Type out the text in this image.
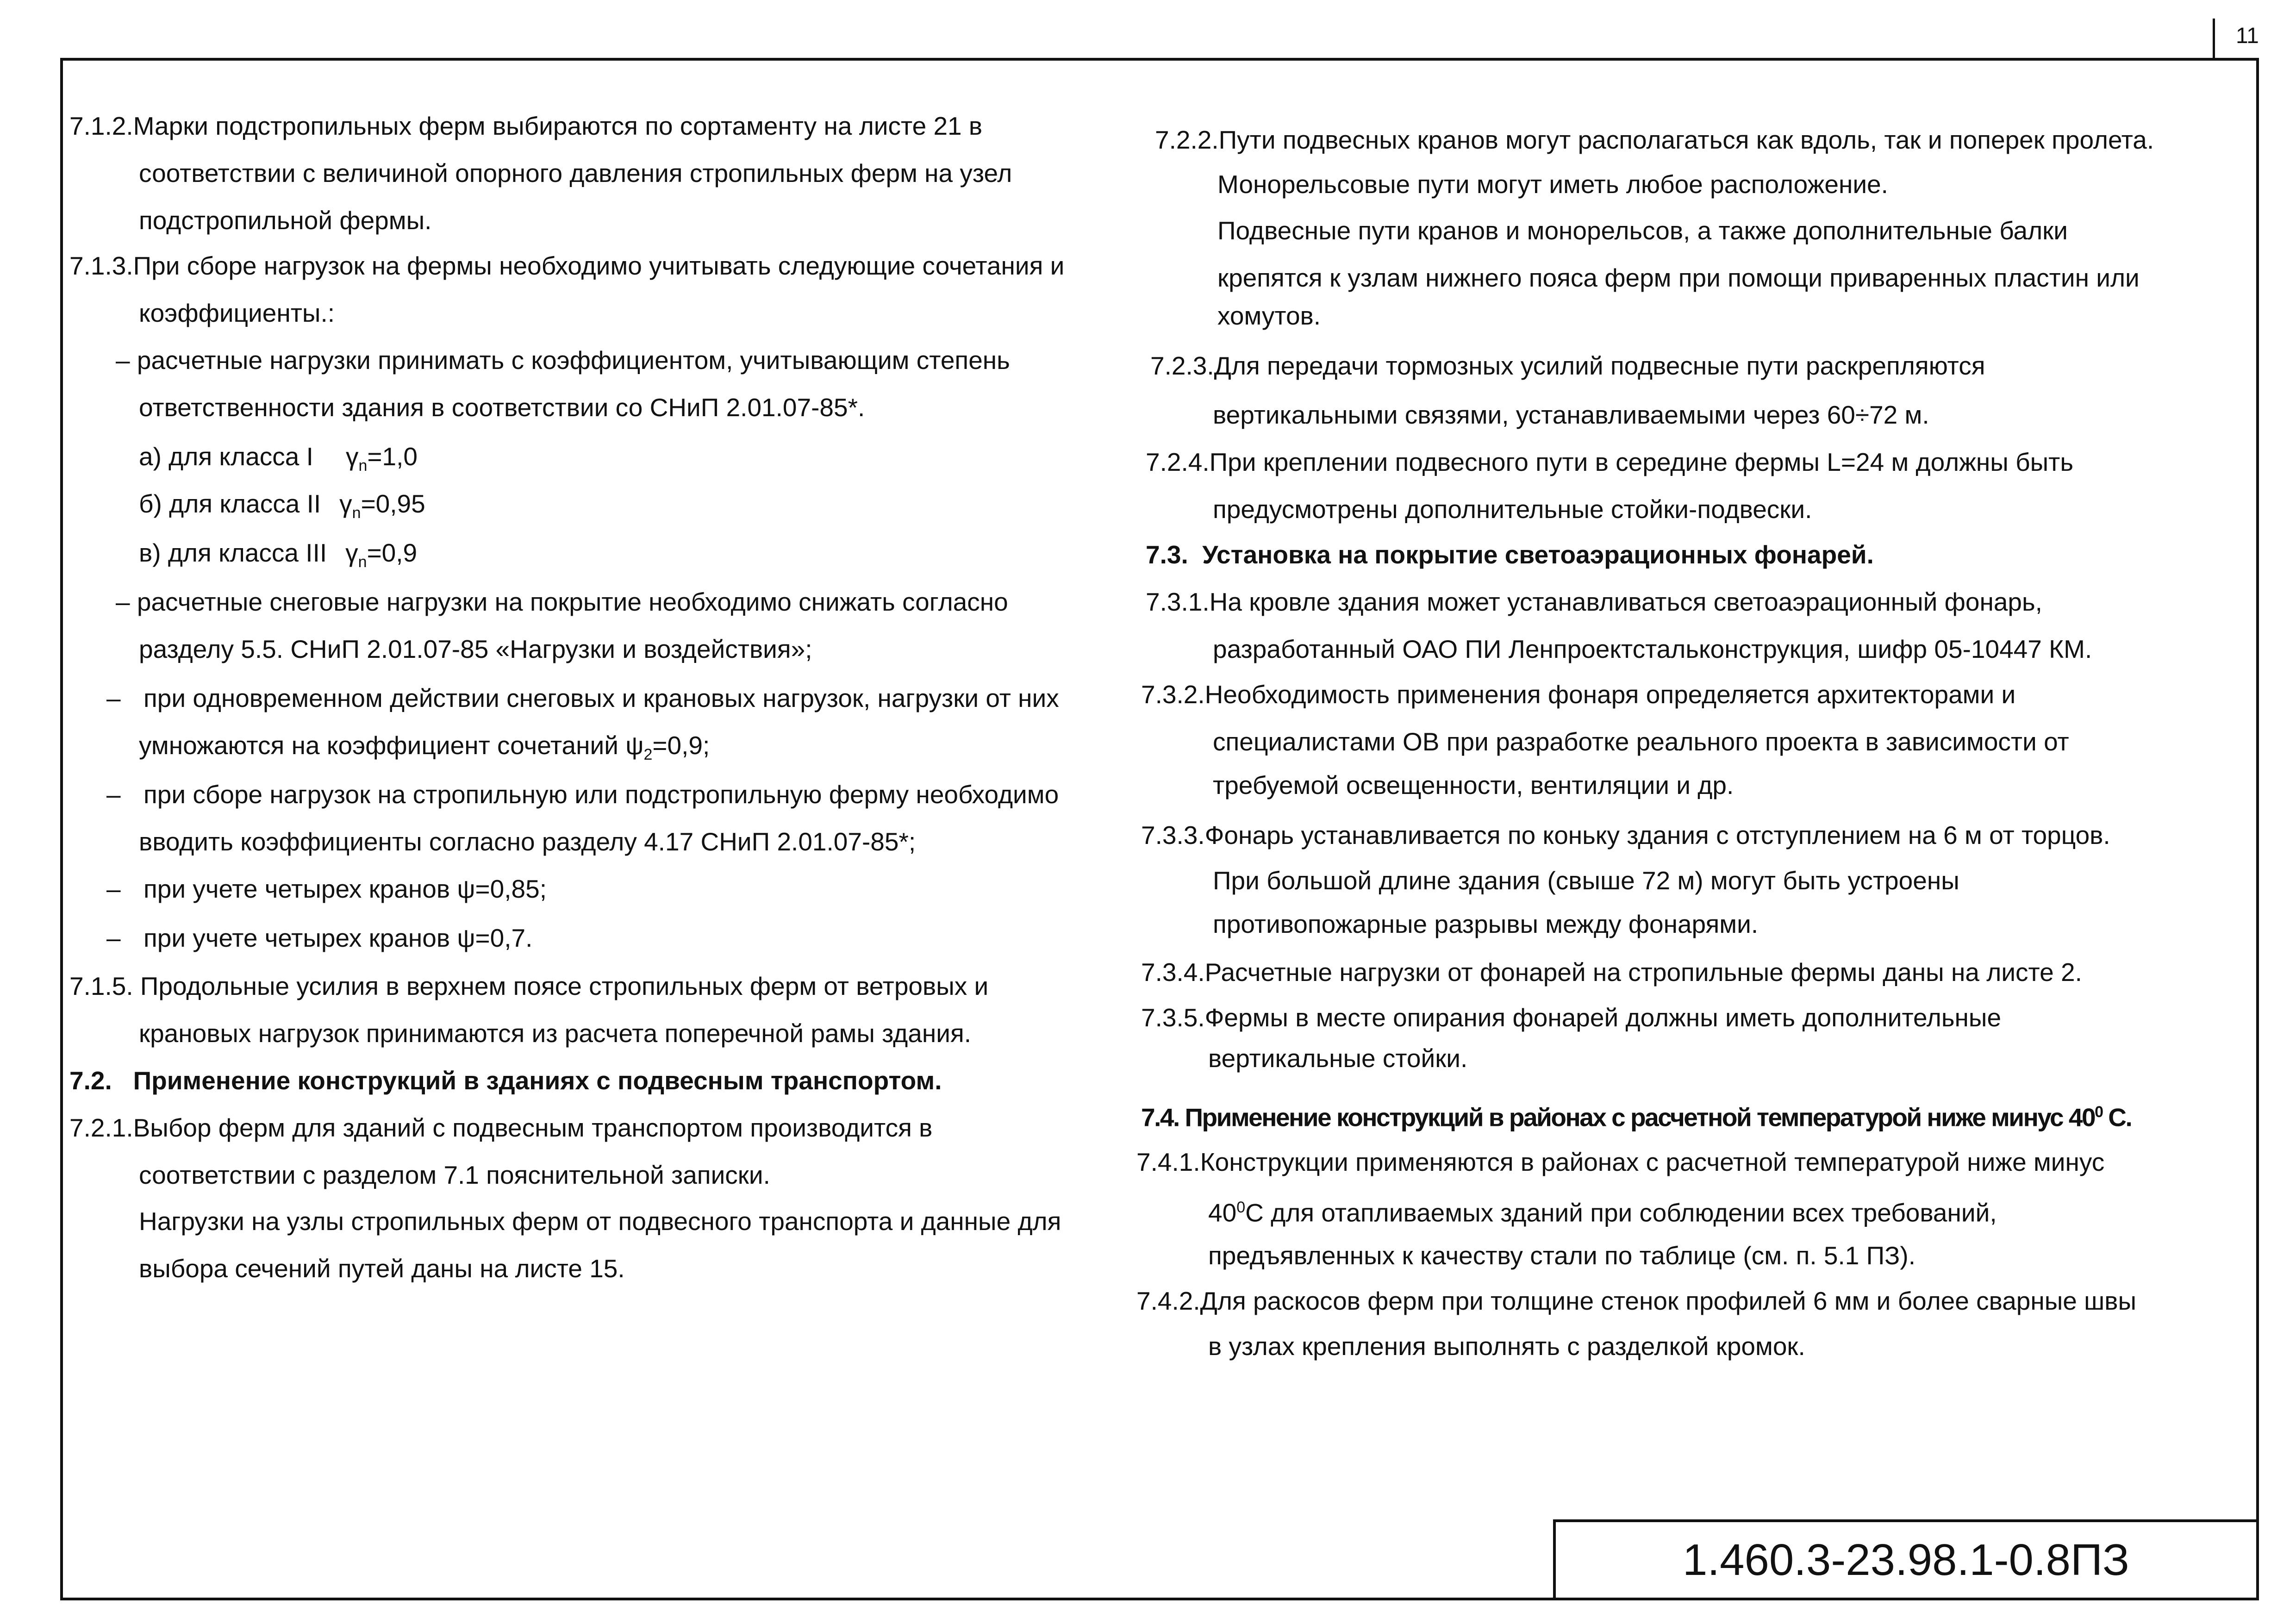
11
1.460.3-23.98.1-0.8ПЗ
7.1.2.Марки подстропильных ферм выбираются по сортаменту на листе 21 в
соответствии с величиной опорного давления стропильных ферм на узел
подстропильной фермы.
7.1.3.При сборе нагрузок на фермы необходимо учитывать следующие сочетания и
коэффициенты.:
– расчетные нагрузки принимать с коэффициентом, учитывающим степень
ответственности здания в соответствии со СНиП 2.01.07-85*.
а) для класса I $\gamma_n=1,0$
б) для класса II $\gamma_n=0,95$
в) для класса III $\gamma_n=0,9$
– расчетные снеговые нагрузки на покрытие необходимо снижать согласно
разделу 5.5. СНиП 2.01.07-85 «Нагрузки и воздействия»;
– при одновременном действии снеговых и крановых нагрузок, нагрузки от них
умножаются на коэффициент сочетаний $\psi_2=0,9$;
– при сборе нагрузок на стропильную или подстропильную ферму необходимо
вводить коэффициенты согласно разделу 4.17 СНиП 2.01.07-85*;
– при учете четырех кранов ψ=0,85;
– при учете четырех кранов ψ=0,7.
7.1.5. Продольные усилия в верхнем поясе стропильных ферм от ветровых и
крановых нагрузок принимаются из расчета поперечной рамы здания.
7.2.   Применение конструкций в зданиях с подвесным транспортом.
7.2.1.Выбор ферм для зданий с подвесным транспортом производится в
соответствии с разделом 7.1 пояснительной записки.
Нагрузки на узлы стропильных ферм от подвесного транспорта и данные для
выбора сечений путей даны на листе 15.
7.2.2.Пути подвесных кранов могут располагаться как вдоль, так и поперек пролета.
Монорельсовые пути могут иметь любое расположение.
Подвесные пути кранов и монорельсов, а также дополнительные балки
крепятся к узлам нижнего пояса ферм при помощи приваренных пластин или
хомутов.
7.2.3.Для передачи тормозных усилий подвесные пути раскрепляются
вертикальными связями, устанавливаемыми через 60÷72 м.
7.2.4.При креплении подвесного пути в середине фермы L=24 м должны быть
предусмотрены дополнительные стойки-подвески.
7.3.  Установка на покрытие светоаэрационных фонарей.
7.3.1.На кровле здания может устанавливаться светоаэрационный фонарь,
разработанный ОАО ПИ Ленпроектстальконструкция, шифр 05-10447 КМ.
7.3.2.Необходимость применения фонаря определяется архитекторами и
специалистами ОВ при разработке реального проекта в зависимости от
требуемой освещенности, вентиляции и др.
7.3.3.Фонарь устанавливается по коньку здания с отступлением на 6 м от торцов.
При большой длине здания (свыше 72 м) могут быть устроены
противопожарные разрывы между фонарями.
7.3.4.Расчетные нагрузки от фонарей на стропильные фермы даны на листе 2.
7.3.5.Фермы в месте опирания фонарей должны иметь дополнительные
вертикальные стойки.
7.4. Применение конструкций в районах с расчетной температурой ниже минус $40^0$ С.
7.4.1.Конструкции применяются в районах с расчетной температурой ниже минус
$40^0С$ для отапливаемых зданий при соблюдении всех требований,
предъявленных к качеству стали по таблице (см. п. 5.1 ПЗ).
7.4.2.Для раскосов ферм при толщине стенок профилей 6 мм и более сварные швы
в узлах крепления выполнять с разделкой кромок.
